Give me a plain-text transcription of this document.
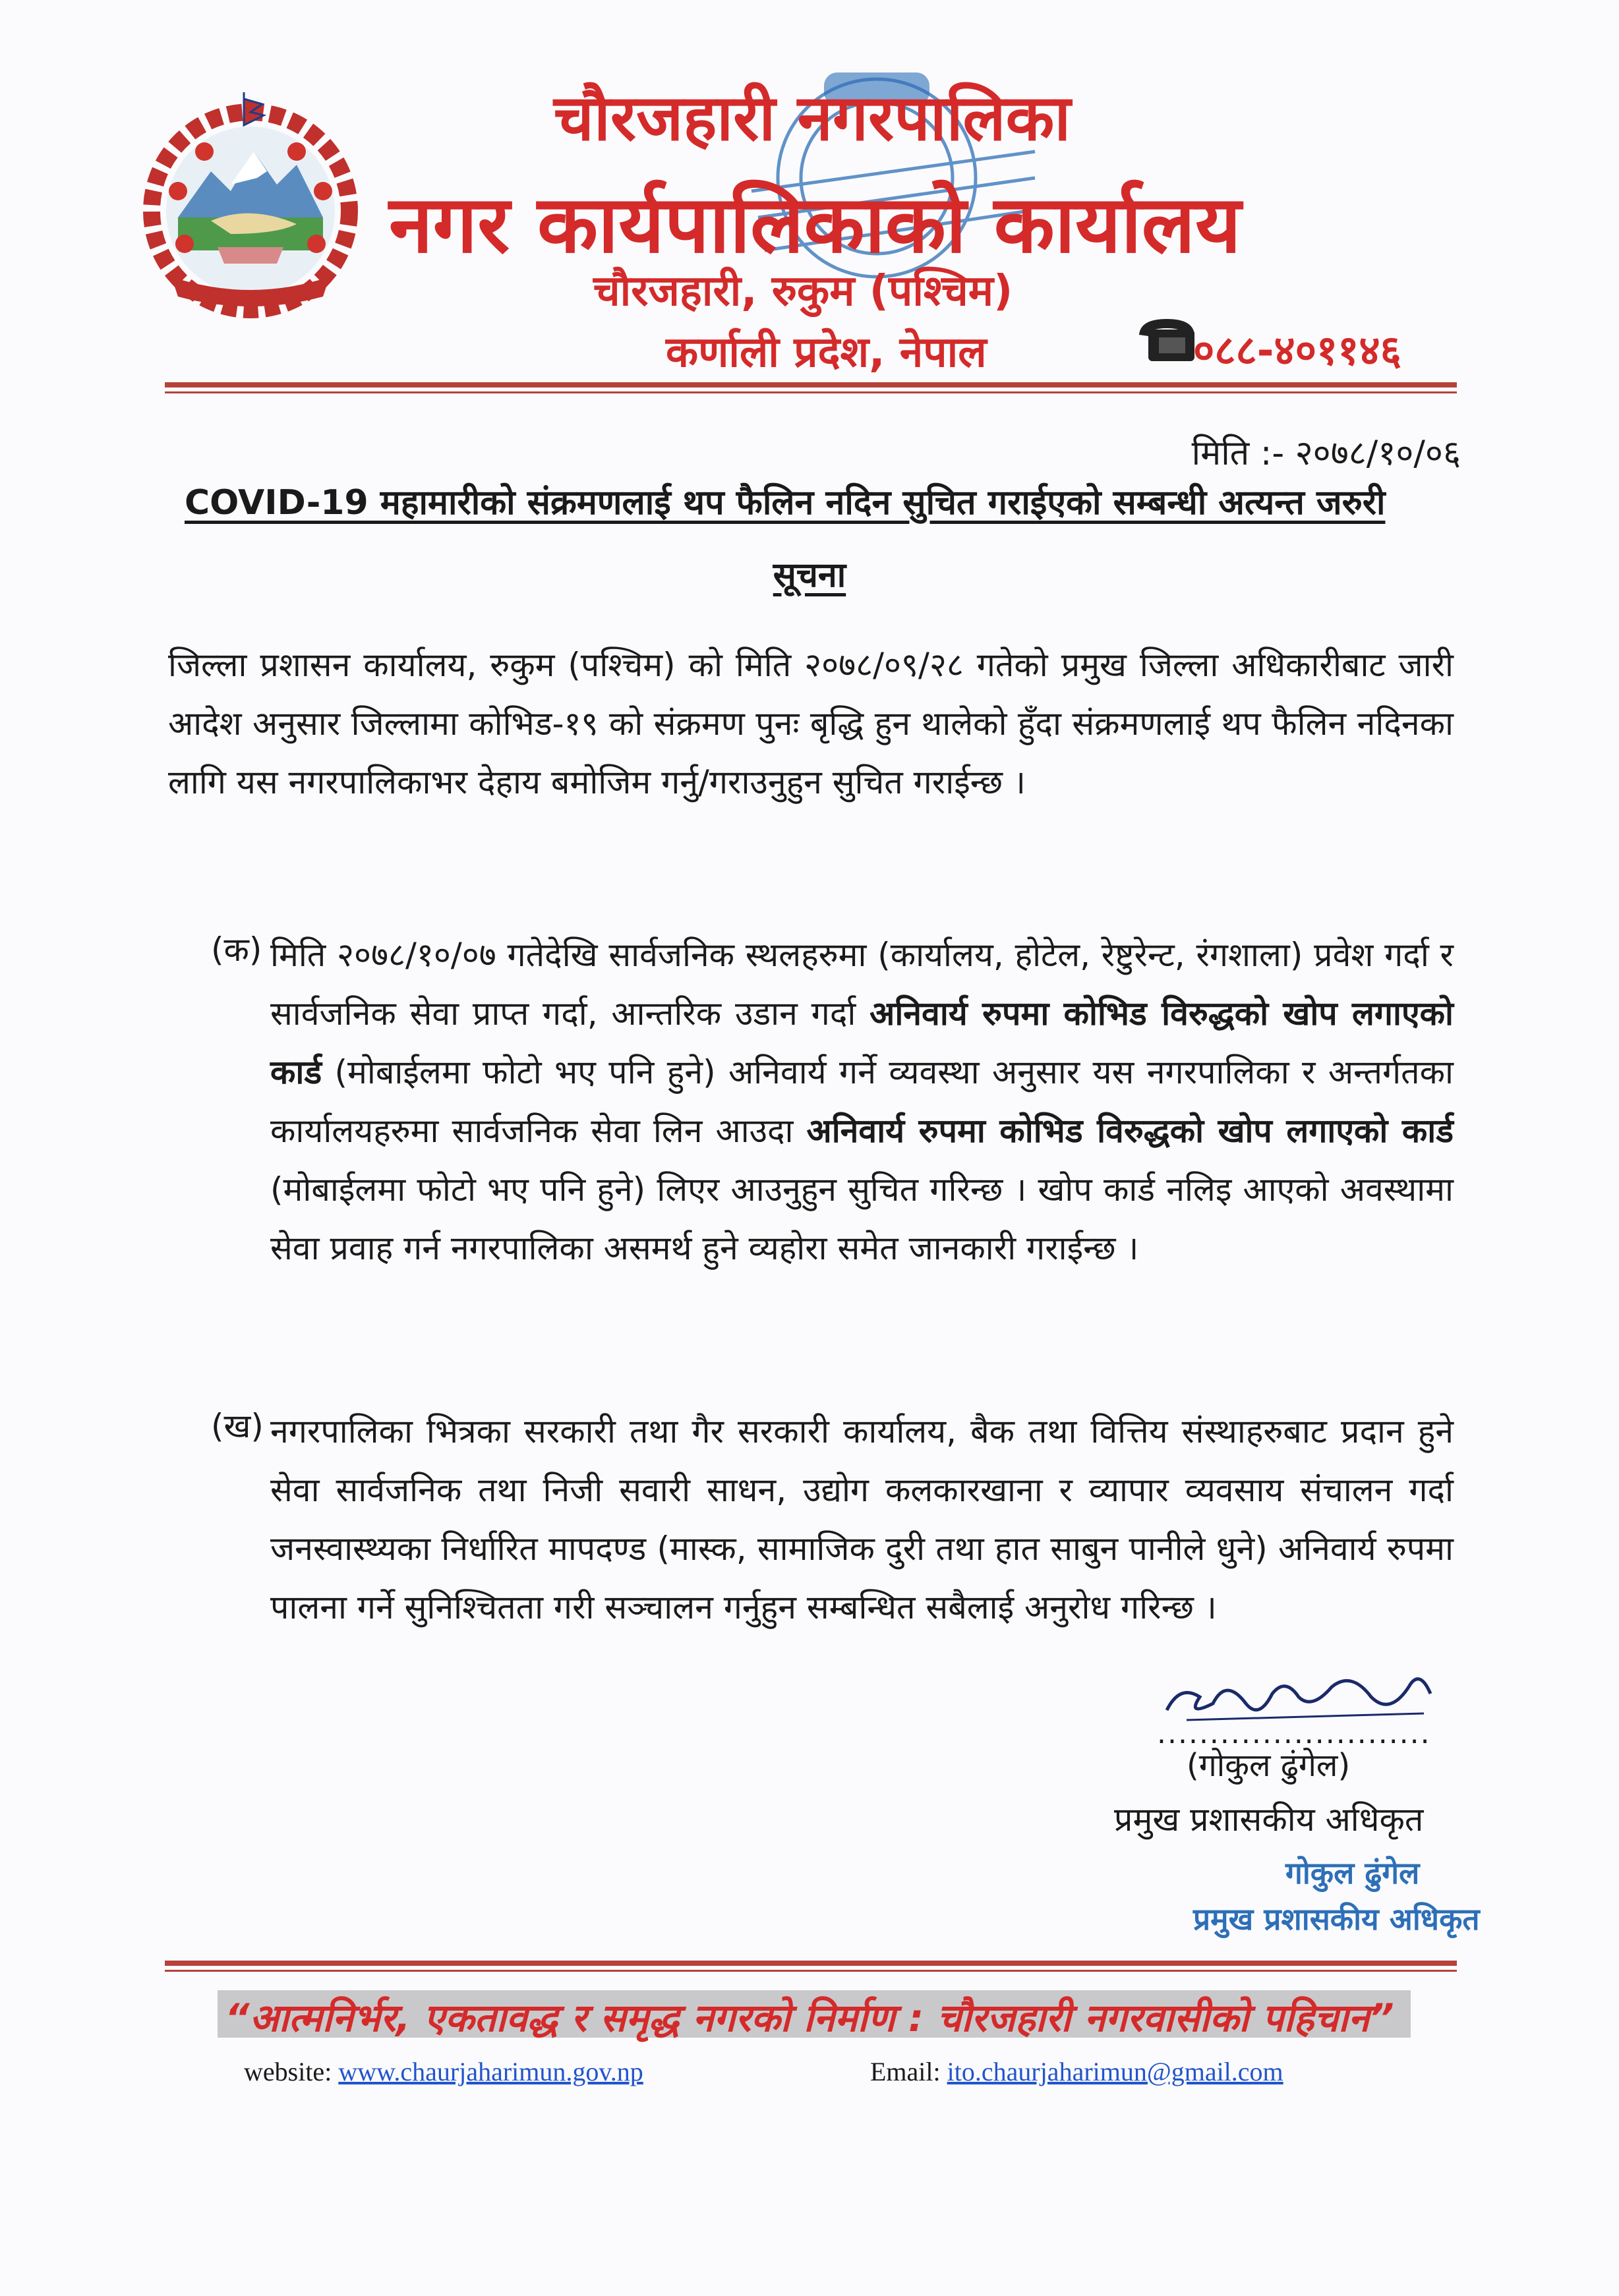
चौरजहारी नगरपालिका
नगर कार्यपालिकाको कार्यालय
चौरजहारी, रुकुम (पश्चिम)
कर्णाली प्रदेश, नेपाल	०८८-४०११४६
मिति :- २०७८/१०/०६
COVID-19 महामारीको संक्रमणलाई थप फैलिन नदिन सुचित गराईएको सम्बन्धी अत्यन्त जरुरी
सूचना
जिल्ला प्रशासन कार्यालय, रुकुम (पश्चिम) को मिति २०७८/०९/२८ गतेको प्रमुख जिल्ला अधिकारीबाट जारी आदेश अनुसार जिल्लामा कोभिड-१९ को संक्रमण पुनः बृद्धि हुन थालेको हुँदा संक्रमणलाई थप फैलिन नदिनका लागि यस नगरपालिकाभर देहाय बमोजिम गर्नु/गराउनुहुन सुचित गराईन्छ ।
(क) मिति २०७८/१०/०७ गतेदेखि सार्वजनिक स्थलहरुमा (कार्यालय, होटेल, रेष्टुरेन्ट, रंगशाला) प्रवेश गर्दा र सार्वजनिक सेवा प्राप्त गर्दा, आन्तरिक उडान गर्दा अनिवार्य रुपमा कोभिड विरुद्धको खोप लगाएको कार्ड (मोबाईलमा फोटो भए पनि हुने) अनिवार्य गर्ने व्यवस्था अनुसार यस नगरपालिका र अन्तर्गतका कार्यालयहरुमा सार्वजनिक सेवा लिन आउदा अनिवार्य रुपमा कोभिड विरुद्धको खोप लगाएको कार्ड (मोबाईलमा फोटो भए पनि हुने) लिएर आउनुहुन सुचित गरिन्छ । खोप कार्ड नलिइ आएको अवस्थामा सेवा प्रवाह गर्न नगरपालिका असमर्थ हुने व्यहोरा समेत जानकारी गराईन्छ ।
(ख) नगरपालिका भित्रका सरकारी तथा गैर सरकारी कार्यालय, बैक तथा वित्तिय संस्थाहरुबाट प्रदान हुने सेवा सार्वजनिक तथा निजी सवारी साधन, उद्योग कलकारखाना र व्यापार व्यवसाय संचालन गर्दा जनस्वास्थ्यका निर्धारित मापदण्ड (मास्क, सामाजिक दुरी तथा हात साबुन पानीले धुने) अनिवार्य रुपमा पालना गर्ने सुनिश्चितता गरी सञ्चालन गर्नुहुन सम्बन्धित सबैलाई अनुरोध गरिन्छ ।
..........................
(गोकुल ढुंगेल)
प्रमुख प्रशासकीय अधिकृत
गोकुल ढुंगेल
प्रमुख प्रशासकीय अधिकृत
“आत्मनिर्भर, एकतावद्ध र समृद्ध नगरको निर्माण : चौरजहारी नगरवासीको पहिचान”
website: www.chaurjaharimun.gov.np	Email: ito.chaurjaharimun@gmail.com
